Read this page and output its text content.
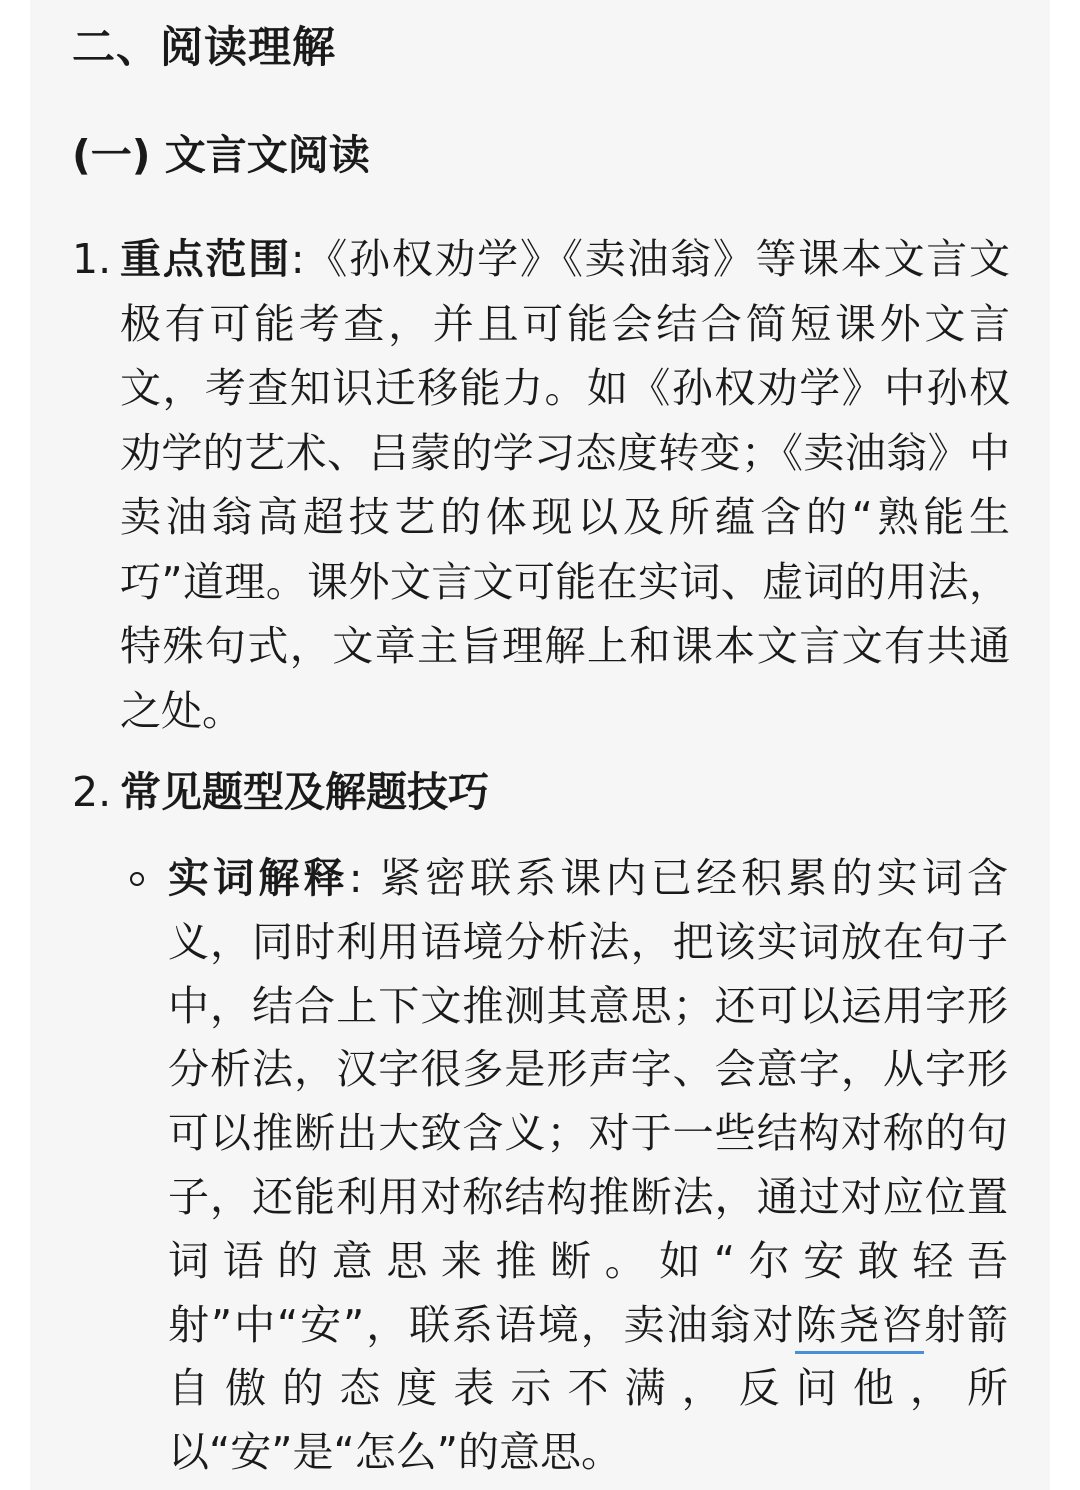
二、阅读理解
(一) 文言文阅读
1. 重点范围:《孙权劝学》《卖油翁》等课本文言文极有可能考查，并且可能会结合简短课外文言文，考查知识迁移能力。如《孙权劝学》中孙权劝学的艺术、吕蒙的学习态度转变；《卖油翁》中卖油翁高超技艺的体现以及所蕴含的“熟能生巧”道理。课外文言文可能在实词、虚词的用法，特殊句式，文章主旨理解上和课本文言文有共通之处。
2. 常见题型及解题技巧
实词解释: 紧密联系课内已经积累的实词含义，同时利用语境分析法，把该实词放在句子中，结合上下文推测其意思；还可以运用字形分析法，汉字很多是形声字、会意字，从字形可以推断出大致含义；对于一些结构对称的句子，还能利用对称结构推断法，通过对应位置词语的意思来推断。如“尔安敢轻吾射”中“安”，联系语境，卖油翁对陈尧咨射箭自傲的态度表示不满，反问他，所以“安”是“怎么”的意思。
